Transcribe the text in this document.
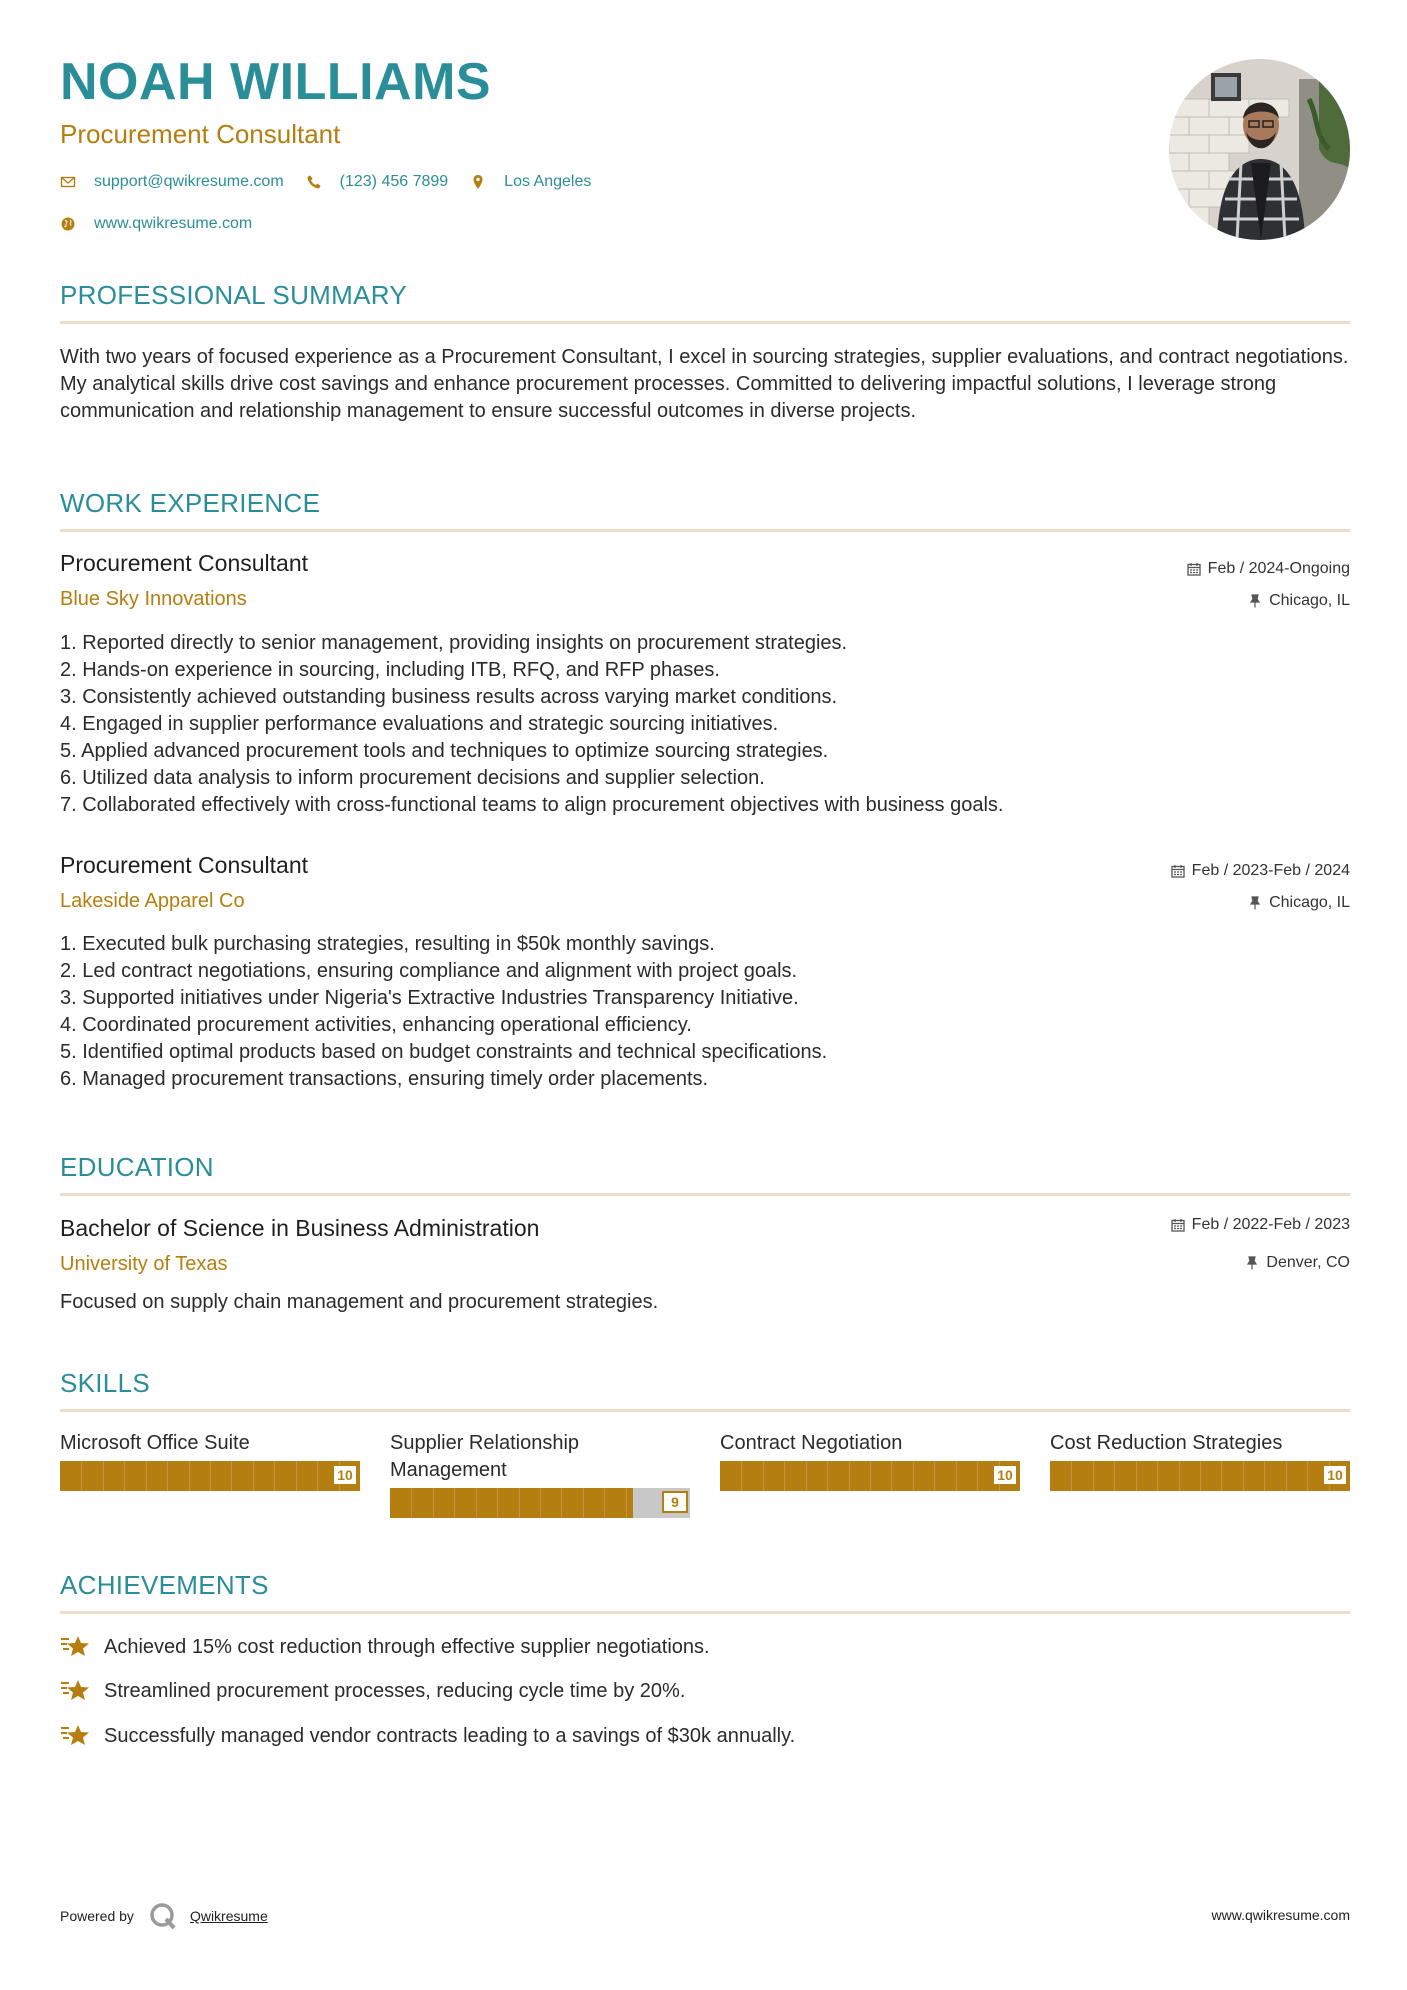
NOAH WILLIAMS
Procurement Consultant
support@qwikresume.com	(123) 456 7899	Los Angeles
www.qwikresume.com
PROFESSIONAL SUMMARY

With two years of focused experience as a Procurement Consultant, I excel in sourcing strategies, supplier evaluations, and contract negotiations. My analytical skills drive cost savings and enhance procurement processes. Committed to delivering impactful solutions, I leverage strong communication and relationship management to ensure successful outcomes in diverse projects.

WORK EXPERIENCE
Procurement Consultant	Feb / 2024-Ongoing
Blue Sky Innovations	Chicago, IL
1. Reported directly to senior management, providing insights on procurement strategies.
2. Hands-on experience in sourcing, including ITB, RFQ, and RFP phases.
3. Consistently achieved outstanding business results across varying market conditions.
4. Engaged in supplier performance evaluations and strategic sourcing initiatives.
5. Applied advanced procurement tools and techniques to optimize sourcing strategies.
6. Utilized data analysis to inform procurement decisions and supplier selection.
7. Collaborated effectively with cross-functional teams to align procurement objectives with business goals.
Procurement Consultant	Feb / 2023-Feb / 2024
Lakeside Apparel Co	Chicago, IL
1. Executed bulk purchasing strategies, resulting in $50k monthly savings.
2. Led contract negotiations, ensuring compliance and alignment with project goals.
3. Supported initiatives under Nigeria's Extractive Industries Transparency Initiative.
4. Coordinated procurement activities, enhancing operational efficiency.
5. Identified optimal products based on budget constraints and technical specifications.
6. Managed procurement transactions, ensuring timely order placements.
EDUCATION
Bachelor of Science in Business Administration	Feb / 2022-Feb / 2023
University of Texas	Denver, CO
Focused on supply chain management and procurement strategies.
SKILLS
Microsoft Office Suite
10
Supplier Relationship Management
9
Contract Negotiation
10
Cost Reduction Strategies
10
ACHIEVEMENTS
Achieved 15% cost reduction through effective supplier negotiations.
Streamlined procurement processes, reducing cycle time by 20%.
Successfully managed vendor contracts leading to a savings of $30k annually.
Powered by	Qwikresume	www.qwikresume.com
